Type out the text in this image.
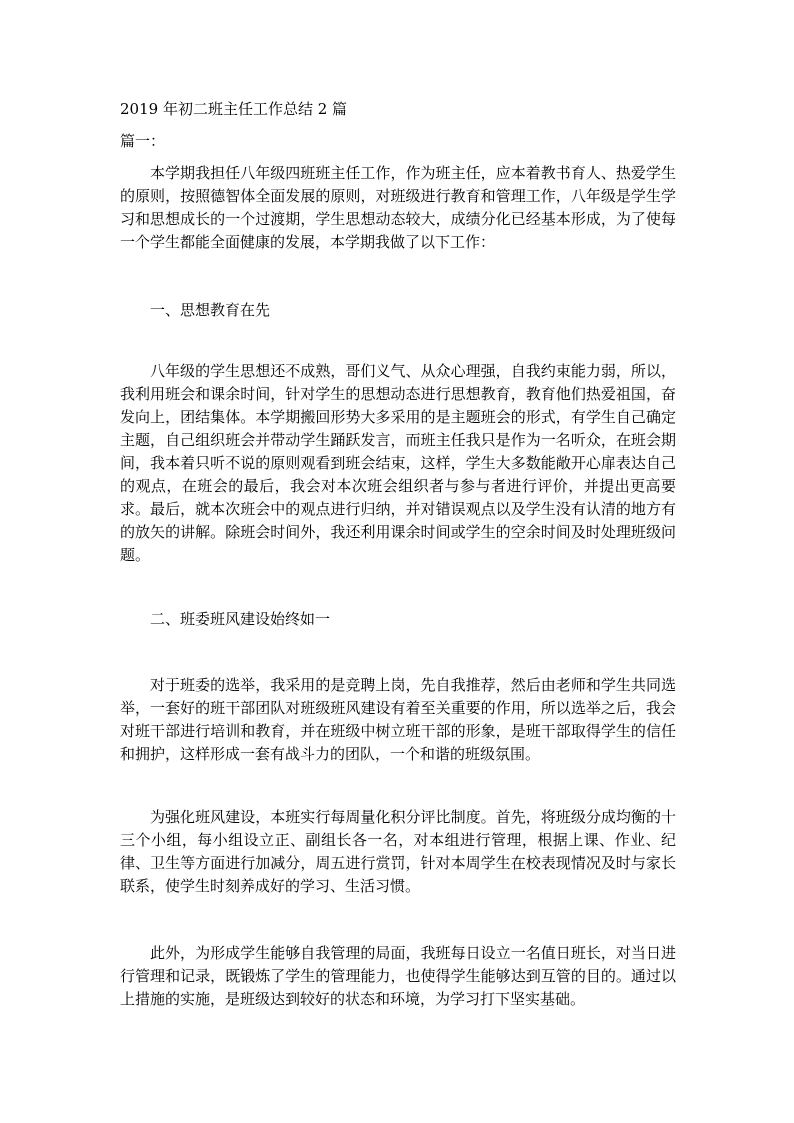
2019 年初二班主任工作总结 2 篇
篇一：

本学期我担任八年级四班班主任工作，作为班主任，应本着教书育人、热爱学生的原则，按照德智体全面发展的原则，对班级进行教育和管理工作，八年级是学生学习和思想成长的一个过渡期，学生思想动态较大，成绩分化已经基本形成，为了使每一个学生都能全面健康的发展，本学期我做了以下工作：

一、思想教育在先

八年级的学生思想还不成熟，哥们义气、从众心理强，自我约束能力弱，所以，我利用班会和课余时间，针对学生的思想动态进行思想教育，教育他们热爱祖国，奋发向上，团结集体。本学期搬回形势大多采用的是主题班会的形式，有学生自己确定主题，自己组织班会并带动学生踊跃发言，而班主任我只是作为一名听众，在班会期间，我本着只听不说的原则观看到班会结束，这样，学生大多数能敞开心扉表达自己的观点，在班会的最后，我会对本次班会组织者与参与者进行评价，并提出更高要求。最后，就本次班会中的观点进行归纳，并对错误观点以及学生没有认清的地方有的放矢的讲解。除班会时间外，我还利用课余时间或学生的空余时间及时处理班级问题。

二、班委班风建设始终如一

对于班委的选举，我采用的是竞聘上岗，先自我推荐，然后由老师和学生共同选举，一套好的班干部团队对班级班风建设有着至关重要的作用，所以选举之后，我会对班干部进行培训和教育，并在班级中树立班干部的形象，是班干部取得学生的信任和拥护，这样形成一套有战斗力的团队，一个和谐的班级氛围。

为强化班风建设，本班实行每周量化积分评比制度。首先，将班级分成均衡的十三个小组，每小组设立正、副组长各一名，对本组进行管理，根据上课、作业、纪律、卫生等方面进行加减分，周五进行赏罚，针对本周学生在校表现情况及时与家长联系，使学生时刻养成好的学习、生活习惯。

此外，为形成学生能够自我管理的局面，我班每日设立一名值日班长，对当日进行管理和记录，既锻炼了学生的管理能力，也使得学生能够达到互管的目的。通过以上措施的实施，是班级达到较好的状态和环境，为学习打下坚实基础。
